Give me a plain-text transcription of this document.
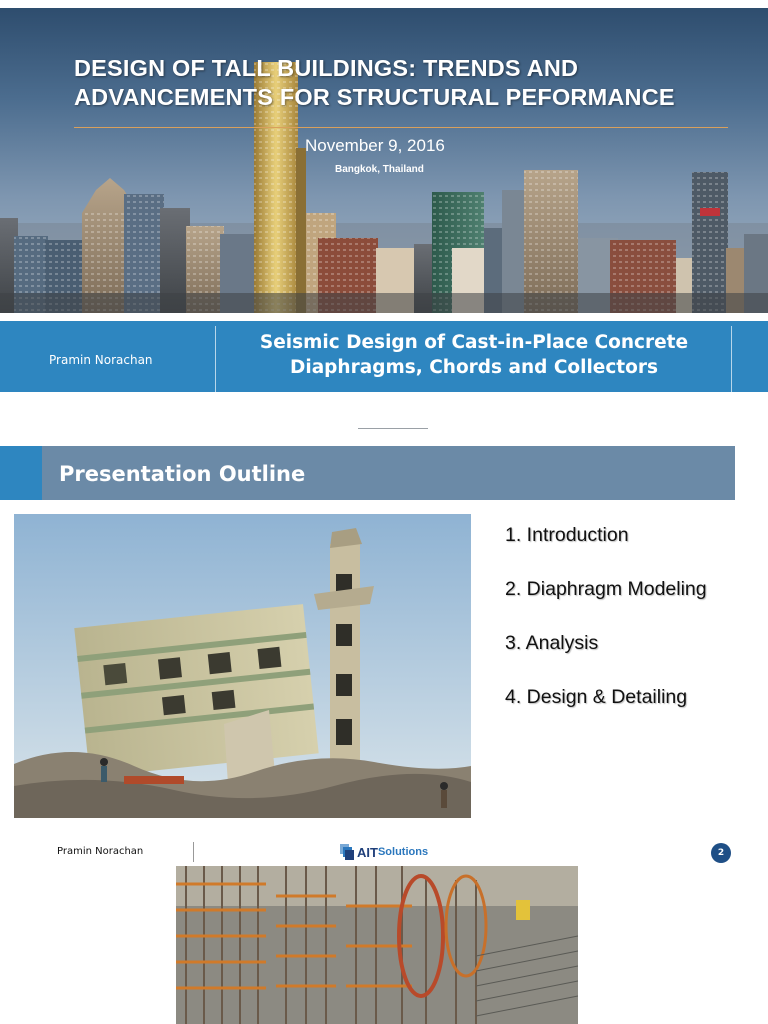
DESIGN OF TALL BUILDINGS: TRENDS AND ADVANCEMENTS FOR STRUCTURAL PEFORMANCE
November 9, 2016
Bangkok, Thailand
Pramin Norachan
Seismic Design of Cast-in-Place Concrete
Diaphragms, Chords and Collectors
Presentation Outline
1. Introduction
2. Diaphragm Modeling
3. Analysis
4. Design & Detailing
Pramin Norachan	AIT Solutions	2
